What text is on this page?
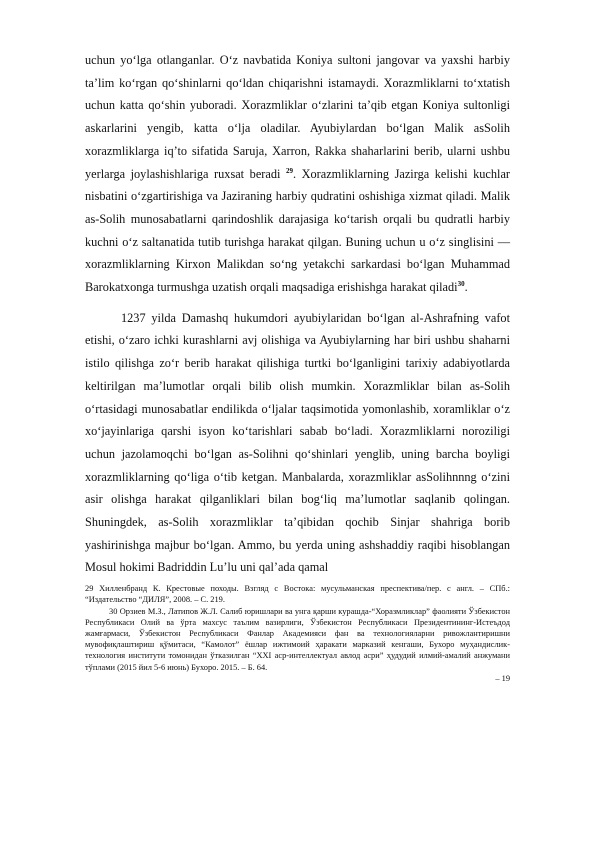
uchun yo‘lga otlanganlar. O‘z navbatida Koniya sultoni jangovar va yaxshi harbiy ta’lim ko‘rgan qo‘shinlarni qo‘ldan chiqarishni istamaydi. Xorazmliklarni to‘xtatish uchun katta qo‘shin yuboradi. Xorazmliklar o‘zlarini ta’qib etgan Koniya sultonligi askarlarini yengib, katta o‘lja oladilar. Ayubiylardan bo‘lgan Malik asSolih xorazmliklarga iq’to sifatida Saruja, Xarron, Rakka shaharlarini berib, ularni ushbu yerlarga joylashishlariga ruxsat beradi $^{29}$. Xorazmliklarning Jazirga kelishi kuchlar nisbatini o‘zgartirishiga va Jaziraning harbiy qudratini oshishiga xizmat qiladi. Malik as-Solih munosabatlarni qarindoshlik darajasiga ko‘tarish orqali bu qudratli harbiy kuchni o‘z saltanatida tutib turishga harakat qilgan. Buning uchun u o‘z singlisini —xorazmliklarning Kirxon Malikdan so‘ng yetakchi sarkardasi bo‘lgan Muhammad Barokatxonga turmushga uzatish orqali maqsadiga erishishga harakat qiladi$^{30}$.

1237 yilda Damashq hukumdori ayubiylaridan bo‘lgan al-Ashrafning vafot etishi, o‘zaro ichki kurashlarni avj olishiga va Ayubiylarning har biri ushbu shaharni istilo qilishga zo‘r berib harakat qilishiga turtki bo‘lganligini tarixiy adabiyotlarda keltirilgan ma’lumotlar orqali bilib olish mumkin. Xorazmliklar bilan as-Solih o‘rtasidagi munosabatlar endilikda o‘ljalar taqsimotida yomonlashib, xoramliklar o‘z xo‘jayinlariga qarshi isyon ko‘tarishlari sabab bo‘ladi. Xorazmliklarni noroziligi uchun jazolamoqchi bo‘lgan as-Solihni qo‘shinlari yenglib, uning barcha boyligi xorazmliklarning qo‘liga o‘tib ketgan. Manbalarda, xorazmliklar asSolihnnng o‘zini asir olishga harakat qilganliklari bilan bog‘liq ma’lumotlar saqlanib qolingan. Shuningdek, as-Solih xorazmliklar ta’qibidan qochib Sinjar shahriga borib yashirinishga majbur bo‘lgan. Ammo, bu yerda uning ashshaddiy raqibi hisoblangan Mosul hokimi Badriddin Lu’lu uni qal’ada qamal

29 Хилленбранд К. Крестовые походы. Взгляд с Востока: мусульманская преспектива/пер. с англ. – СПб.: “Издательство “ДИЛЯ”, 2008. – С. 219.

30 Орзиев М.З., Латипов Ж.Л. Салиб юришлари ва унга қарши курашда-“Хоразмликлар” фаолияти Ўзбекистон Республикаси Олий ва ўрта махсус таълим вазирлиги, Ўзбекистон Республикаси Президентининг-Истеъдод жамғармаси, Ўзбекистон Республикаси Фанлар Академияси фан ва технологияларни ривожлантиришни мувофиқлаштириш қўмитаси, “Камолот” ёшлар ижтимоий ҳаракати марказий кенгаши, Бухоро муҳандислик-технология институти томонидан ўтказилган “ХХI аср-интеллектуал авлод асри” ҳудудий илмий-амалий анжумани тўплами (2015 йил 5-6 июнь) Бухоро. 2015. – Б. 64.

– 19
